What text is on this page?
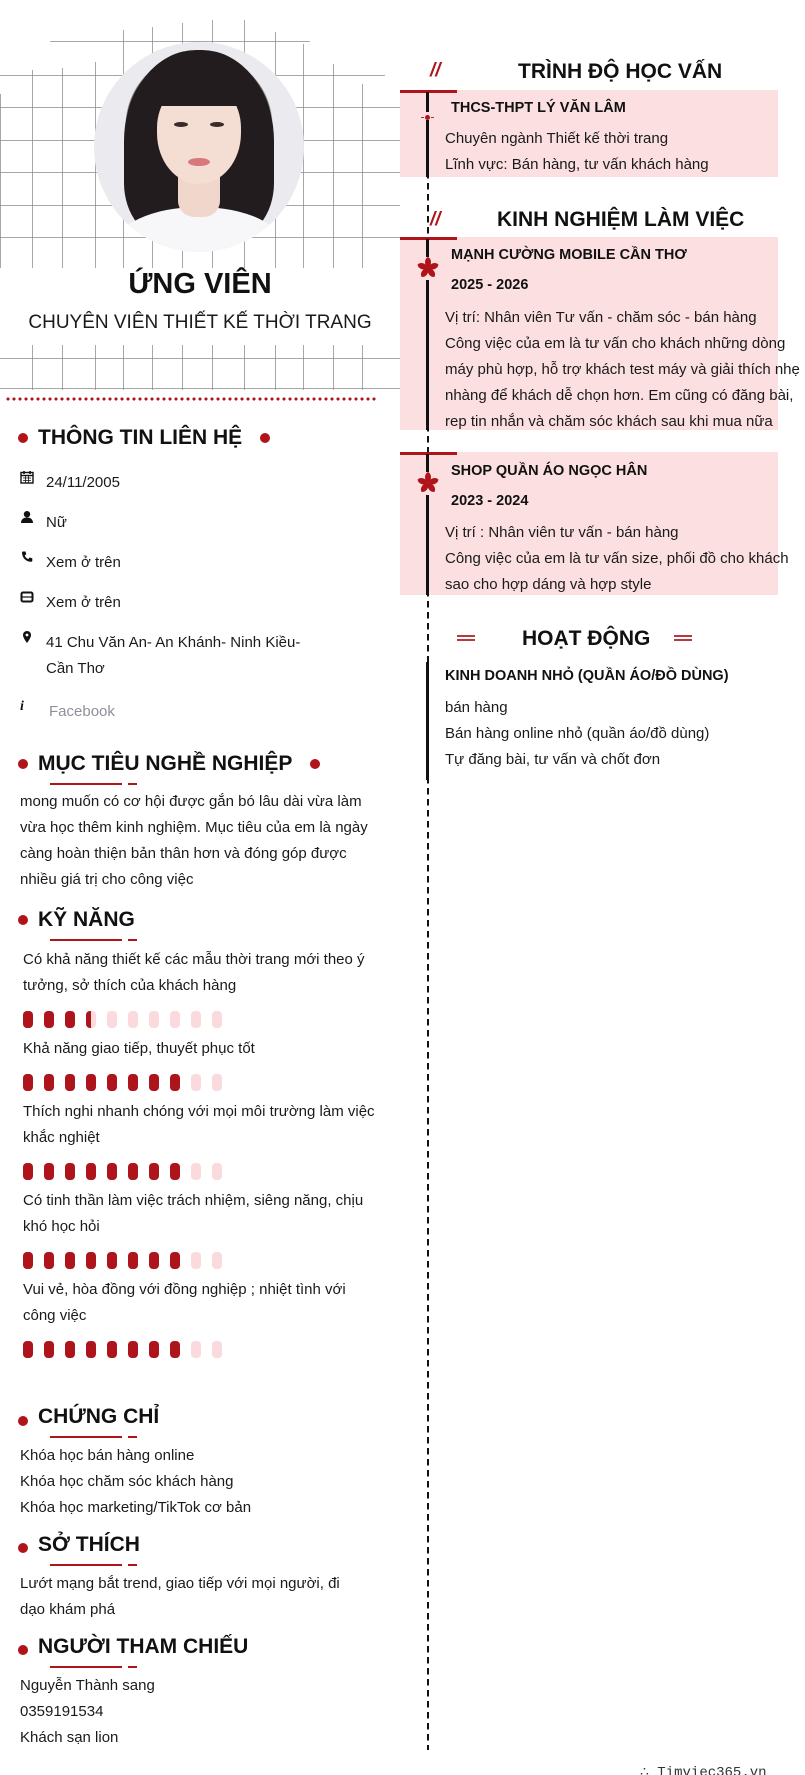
ỨNG VIÊN
CHUYÊN VIÊN THIẾT KẾ THỜI TRANG
THÔNG TIN LIÊN HỆ
24/11/2005
Nữ
Xem ở trên
Xem ở trên
41 Chu Văn An- An Khánh- Ninh Kiều- Cần Thơ
i	Facebook
MỤC TIÊU NGHỀ NGHIỆP
mong muốn có cơ hội được gắn bó lâu dài vừa làm vừa học thêm kinh nghiệm. Mục tiêu của em là ngày càng hoàn thiện bản thân hơn và đóng góp được nhiều giá trị cho công việc
KỸ NĂNG
Có khả năng thiết kế các mẫu thời trang mới theo ý tưởng, sở thích của khách hàng
Khả năng giao tiếp, thuyết phục tốt
Thích nghi nhanh chóng với mọi môi trường làm việc khắc nghiệt
Có tinh thần làm việc trách nhiệm, siêng năng, chịu khó học hỏi
Vui vẻ, hòa đồng với đồng nghiệp ; nhiệt tình với công việc
CHỨNG CHỈ
Khóa học bán hàng online
Khóa học chăm sóc khách hàng
Khóa học marketing/TikTok cơ bản
SỞ THÍCH
Lướt mạng bắt trend, giao tiếp với mọi người, đi dạo khám phá
NGƯỜI THAM CHIẾU
Nguyễn Thành sang
0359191534
Khách sạn lion
//	TRÌNH ĐỘ HỌC VẤN
THCS-THPT LÝ VĂN LÂM
Chuyên ngành Thiết kế thời trang
Lĩnh vực: Bán hàng, tư vấn khách hàng
//	KINH NGHIỆM LÀM VIỆC
MẠNH CƯỜNG MOBILE CẦN THƠ
2025 - 2026
Vị trí: Nhân viên Tư vấn - chăm sóc - bán hàng
Công việc của em là tư vấn cho khách những dòng
máy phù hợp, hỗ trợ khách test máy và giải thích nhẹ
nhàng để khách dễ chọn hơn. Em cũng có đăng bài,
rep tin nhắn và chăm sóc khách sau khi mua nữa
SHOP QUẦN ÁO NGỌC HÂN
2023 - 2024
Vị trí : Nhân viên tư vấn - bán hàng
Công việc của em là tư vấn size, phối đồ cho khách
sao cho hợp dáng và hợp style
HOẠT ĐỘNG
KINH DOANH NHỎ (QUẦN ÁO/ĐỒ DÙNG)
bán hàng
Bán hàng online nhỏ (quần áo/đồ dùng)
Tự đăng bài, tư vấn và chốt đơn
∴ Timviec365.vn
